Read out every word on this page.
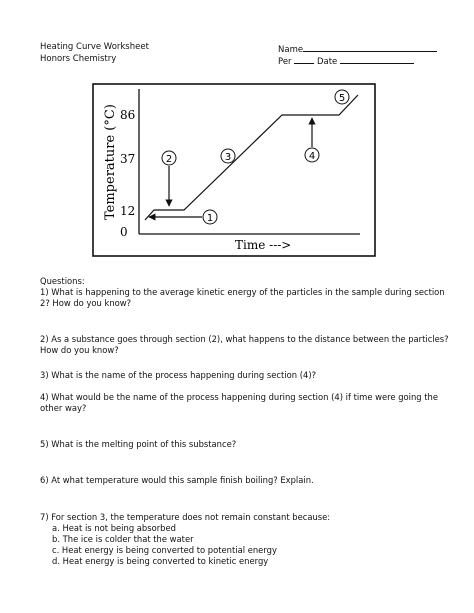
Heating Curve Worksheet
Honors Chemistry
Name
Per	Date
Temperature (°C) 86
37
12
0
Time --->
1
2	3	4
5
Questions:
1) What is happening to the average kinetic energy of the particles in the sample during section 2? How do you know?
2) As a substance goes through section (2), what happens to the distance between the particles? How do you know?
3) What is the name of the process happening during section (4)?
4) What would be the name of the process happening during section (4) if time were going the other way?
5) What is the melting point of this substance?
6) At what temperature would this sample finish boiling? Explain.
7) For section 3, the temperature does not remain constant because:
a. Heat is not being absorbed
b. The ice is colder that the water
c. Heat energy is being converted to potential energy
d. Heat energy is being converted to kinetic energy
